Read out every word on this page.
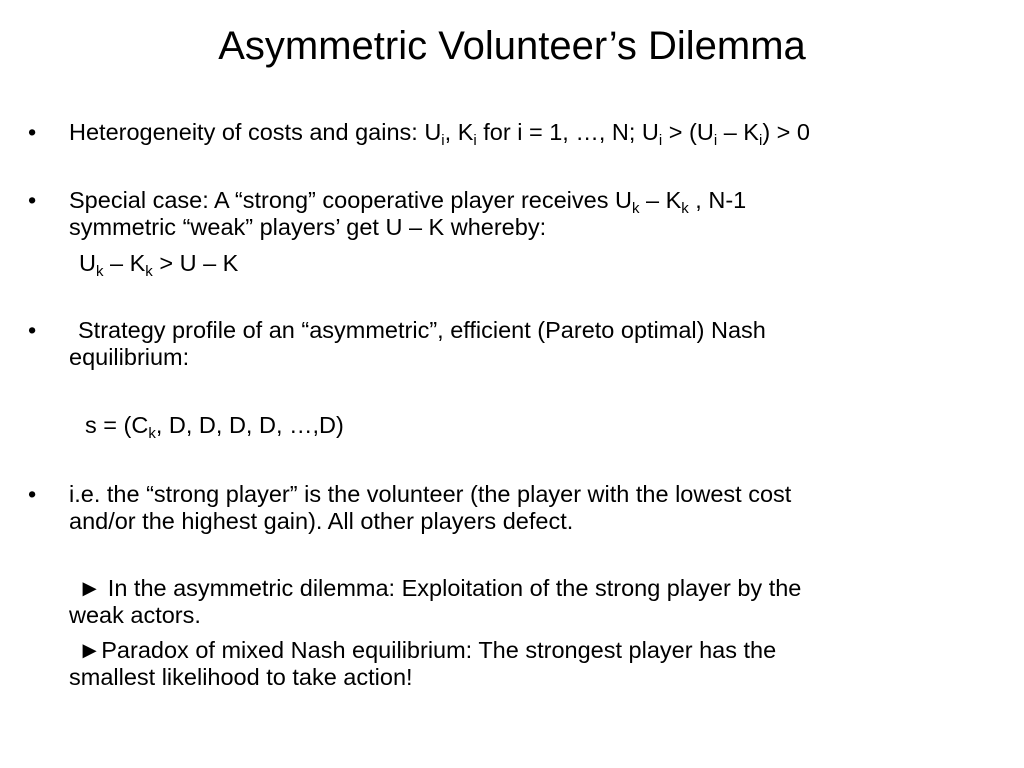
Asymmetric Volunteer’s Dilemma
• Heterogeneity of costs and gains: $U_i$, $K_i$ for i = 1, …, N; $U_i > (U_i - K_i) > 0$
• Special case: A “strong” cooperative player receives $U_k - K_k$ , N-1
symmetric “weak” players’ get U – K whereby:
$U_k - K_k > U - K$
• Strategy profile of an “asymmetric”, efficient (Pareto optimal) Nash
equilibrium:
$s = (C_k$, D, D, D, D, …,D)
• i.e. the “strong player” is the volunteer (the player with the lowest cost
and/or the highest gain). All other players defect.
► In the asymmetric dilemma: Exploitation of the strong player by the
weak actors.
►Paradox of mixed Nash equilibrium: The strongest player has the
smallest likelihood to take action!
